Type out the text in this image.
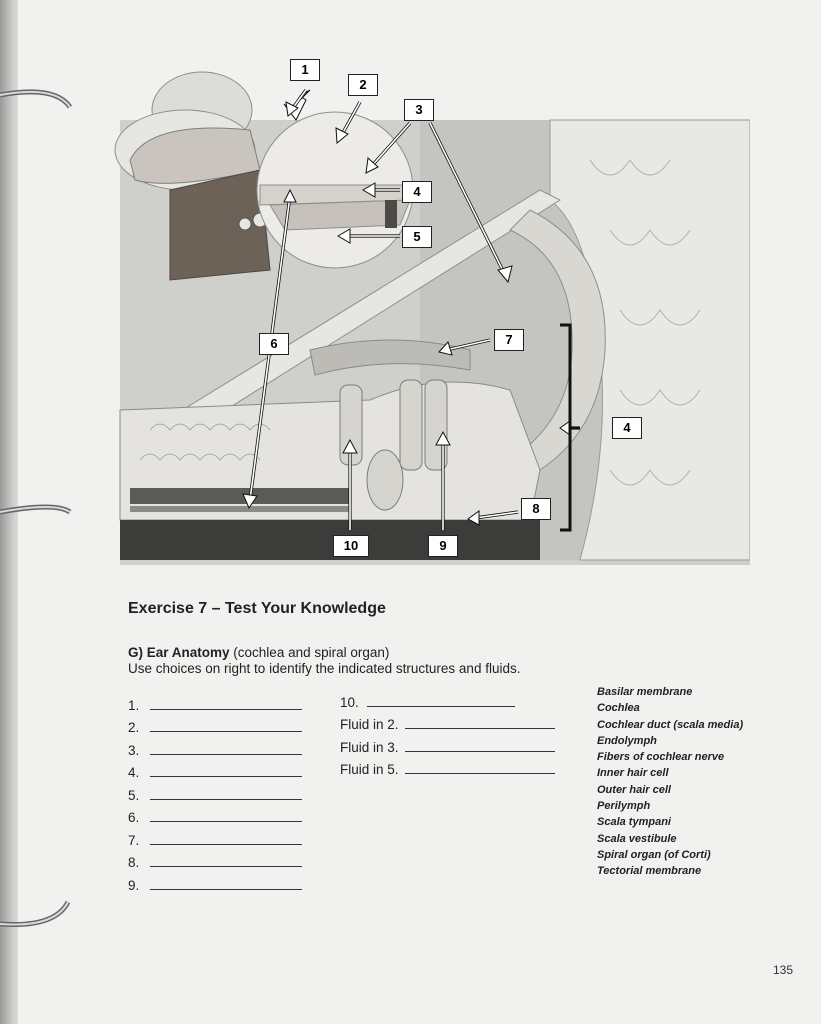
1
2
3
4
5
6	7
4
8
10	9
Exercise 7 – Test Your Knowledge
G) Ear Anatomy (cochlea and spiral organ)
Use choices on right to identify the indicated structures and fluids.
1.
2.
3.
4.
5.
6.
7.
8.
9.
10.
Fluid in 2.
Fluid in 3.
Fluid in 5.
Basilar membrane
Cochlea
Cochlear duct (scala media)
Endolymph
Fibers of cochlear nerve
Inner hair cell
Outer hair cell
Perilymph
Scala tympani
Scala vestibule
Spiral organ (of Corti)
Tectorial membrane
135
